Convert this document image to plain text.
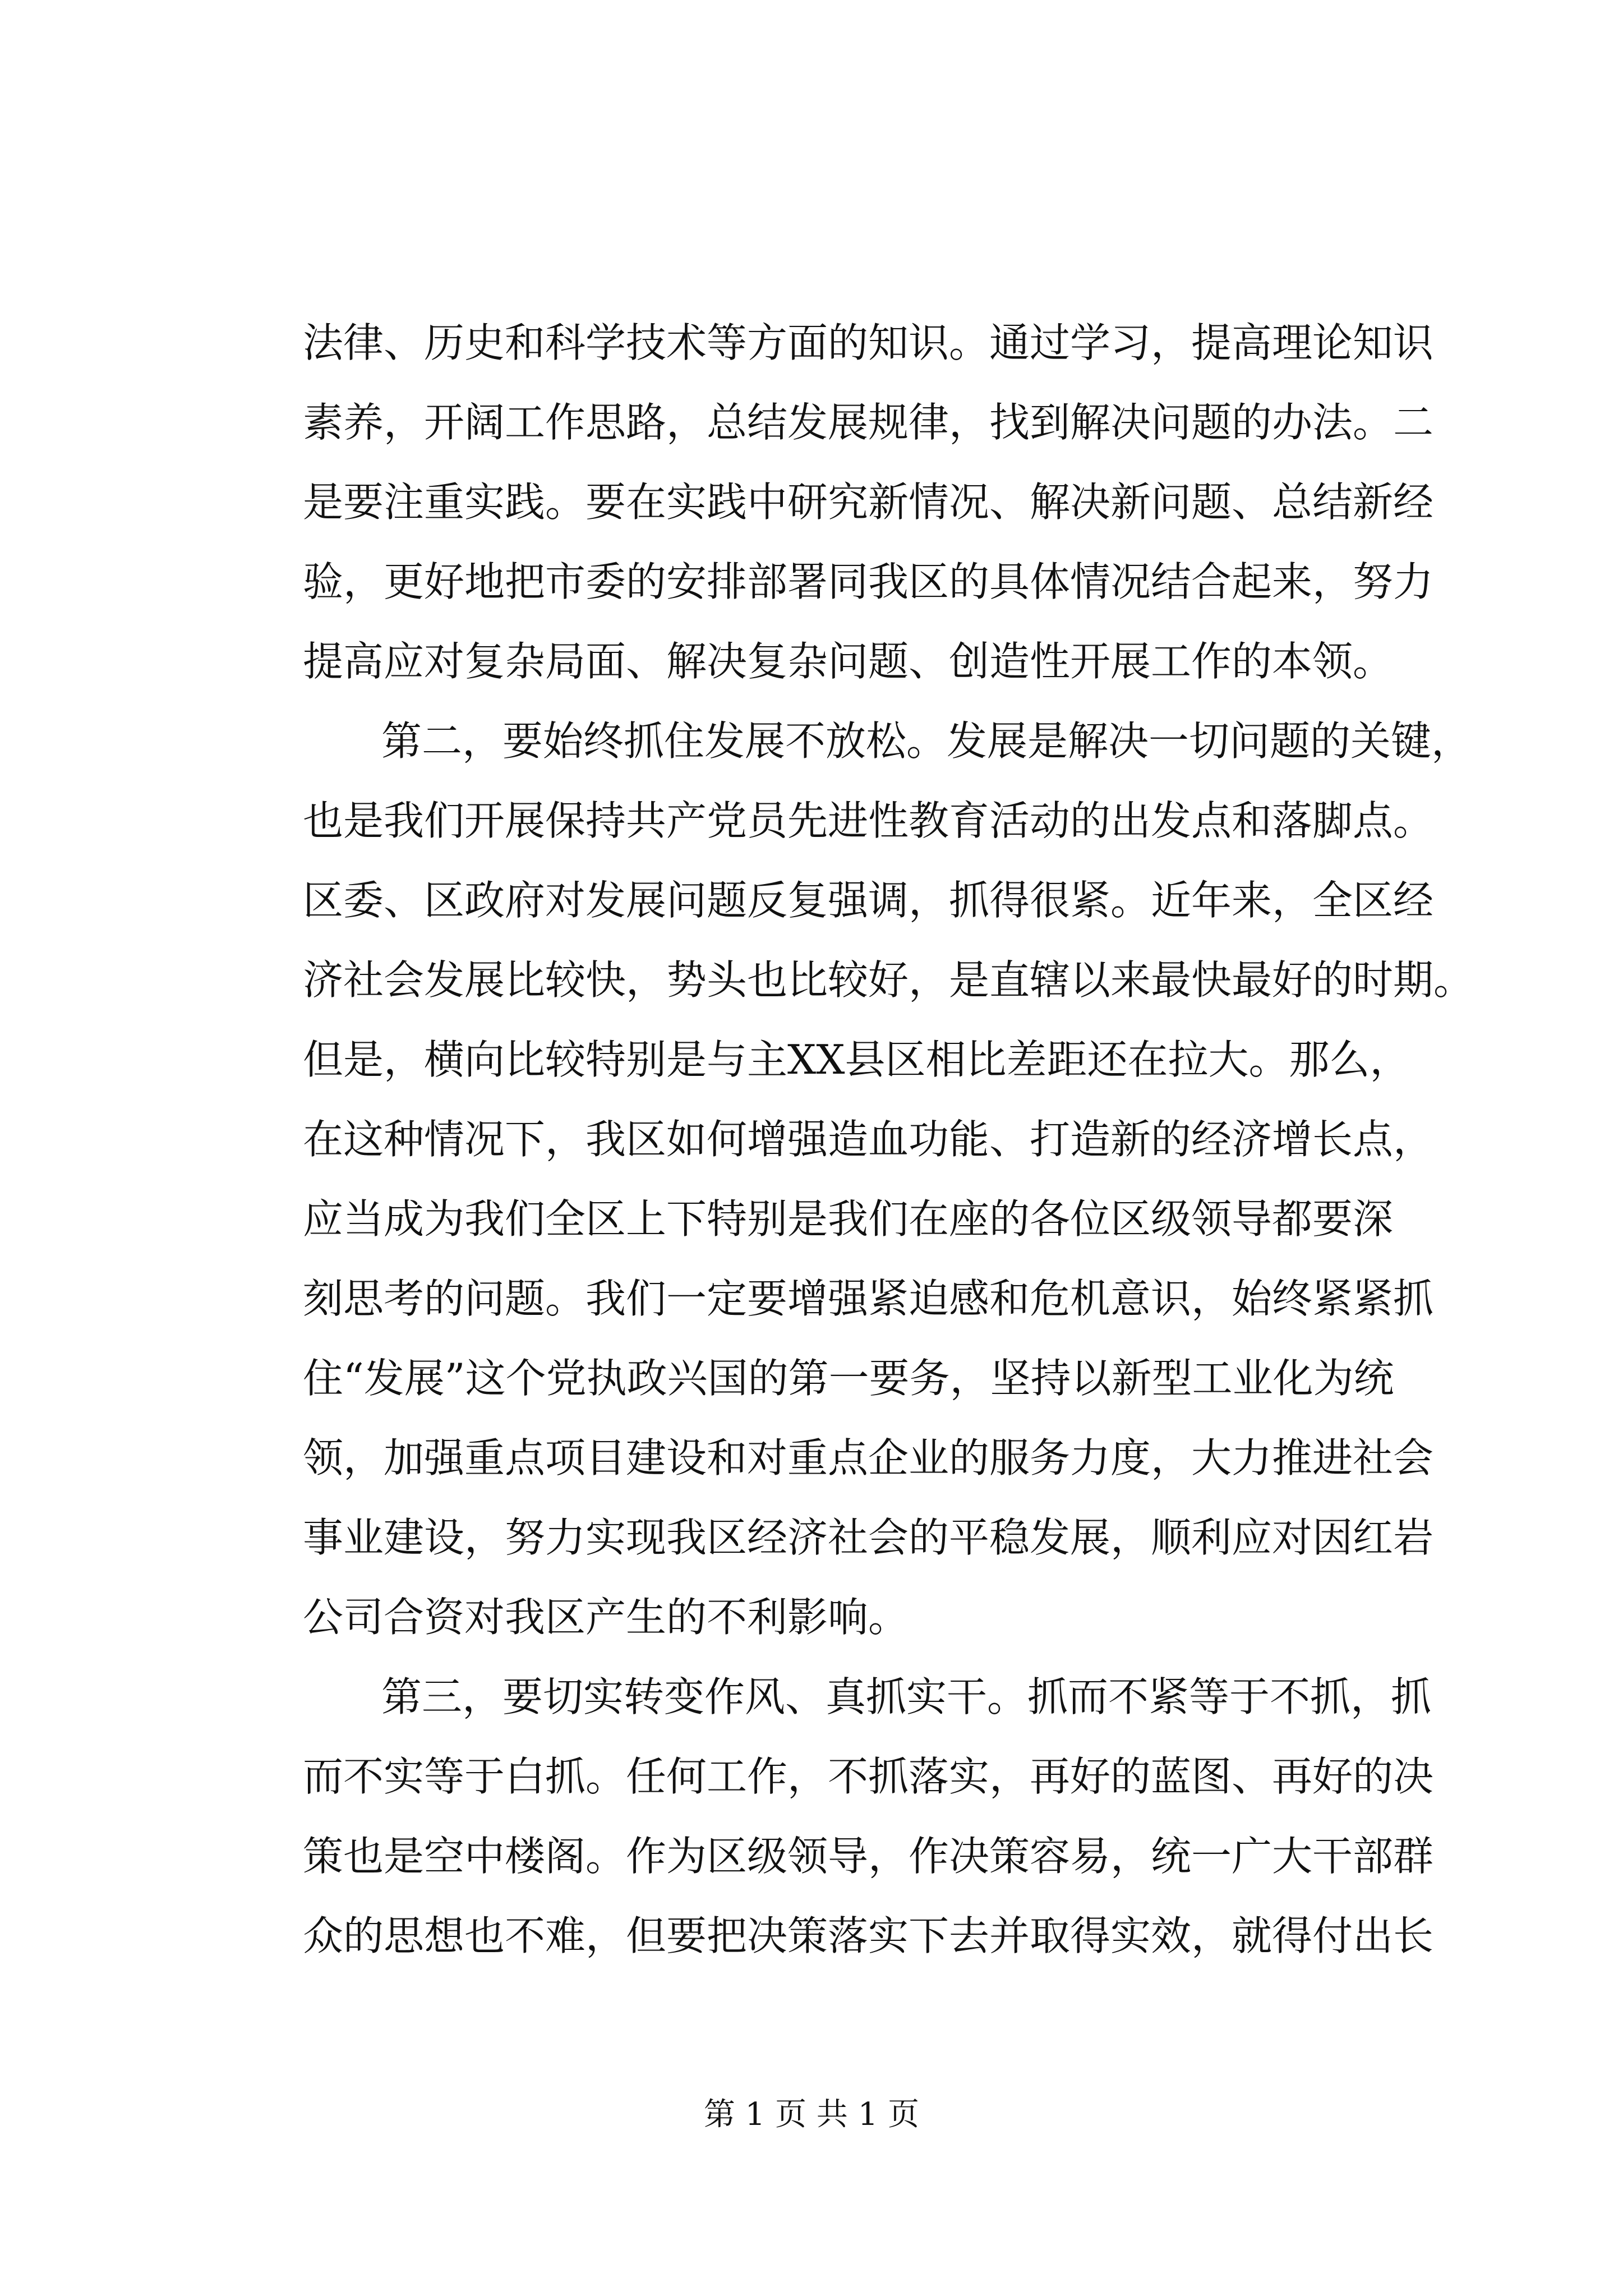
法律、历史和科学技术等方面的知识。通过学习，提高理论知识
素养，开阔工作思路，总结发展规律，找到解决问题的办法。二
是要注重实践。要在实践中研究新情况、解决新问题、总结新经
验，更好地把市委的安排部署同我区的具体情况结合起来，努力
提高应对复杂局面、解决复杂问题、创造性开展工作的本领。
第二，要始终抓住发展不放松。发展是解决一切问题的关键，
也是我们开展保持共产党员先进性教育活动的出发点和落脚点。
区委、区政府对发展问题反复强调，抓得很紧。近年来，全区经
济社会发展比较快，势头也比较好，是直辖以来最快最好的时期。
但是，横向比较特别是与主XX县区相比差距还在拉大。那么，
在这种情况下，我区如何增强造血功能、打造新的经济增长点，
应当成为我们全区上下特别是我们在座的各位区级领导都要深
刻思考的问题。我们一定要增强紧迫感和危机意识，始终紧紧抓
住“发展”这个党执政兴国的第一要务，坚持以新型工业化为统
领，加强重点项目建设和对重点企业的服务力度，大力推进社会
事业建设，努力实现我区经济社会的平稳发展，顺利应对因红岩
公司合资对我区产生的不利影响。
第三，要切实转变作风、真抓实干。抓而不紧等于不抓，抓
而不实等于白抓。任何工作，不抓落实，再好的蓝图、再好的决
策也是空中楼阁。作为区级领导，作决策容易，统一广大干部群
众的思想也不难，但要把决策落实下去并取得实效，就得付出长
第 1 页 共 1 页
